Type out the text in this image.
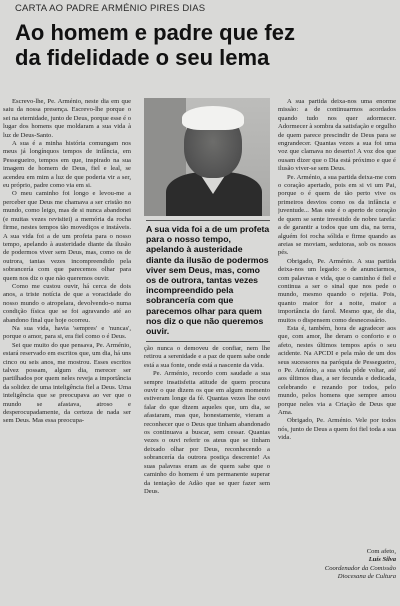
CARTA AO PADRE ARMÉNIO PIRES DIAS
Ao homem e padre que fez
da fidelidade o seu lema

Escrevo-lhe, Pe. Arménio, neste dia em que saiu da nossa presença. Escrevo-lhe porque o sei na eternidade, junto de Deus, porque esse é o lugar dos homens que moldaram a sua vida à luz de Deus-Santo.

A sua é a minha história comungam nos meus já longínquos tempos de infância, em Pessegueiro, tempos em que, inspirado na sua imagem de homem de Deus, fiel e leal, se acendeu em mim a luz de que poderia vir a ser, eu próprio, padre como via em si.

O meu caminho foi longo e levou-me a perceber que Deus me chamava a ser cristão no mundo, como leigo, mas de si nunca abandonei (e muitas vezes revisitei) a memória da rocha firme, nestes tempos tão movediços e instáveis. A sua vida foi a de um profeta para o nosso tempo, apelando à austeridade diante da ilusão de podermos viver sem Deus, mas, como os de outrora, tantas vezes incompreendido pela sobrancería com que parecemos olhar para quem nos diz o que não queremos ouvir.

Como me custou ouvir, há cerca de dois anos, a triste notícia de que a voracidade do nosso mundo o atropelara, devolvendo-o numa condição física que se foi agravando até ao abandono final que hoje ocorreu.

Na sua vida, havia 'sempres' e 'nuncas', porque o amor, para si, era fiel como o é Deus.

Sei que muito do que pensava, Pe. Arménio, estará reservado em escritos que, um dia, há uns cinco ou seis anos, me mostrou. Esses escritos talvez possam, algum dia, merecer ser partilhados por quem neles reveja a importância da solidez de uma inteligência fiel a Deus. Uma inteligência que se preocupava ao ver que o mundo se afastava, atroso e desperocupadamente, da certeza de nada ser sem Deus. Mas essa preocupa-

A sua vida foi a de um profeta para o nosso tempo, apelando à austeridade diante da ilusão de podermos viver sem Deus, mas, como os de outrora, tantas vezes incompreendido pela sobrancería com que parecemos olhar para quem nos diz o que não queremos ouvir.

ção nunca o demoveu de confiar, nem lhe retirou a serenidade e a paz de quem sabe onde está a sua fonte, onde está a nascente da vida.

Pe. Arménio, recordo com saudade a sua sempre insatisfeita atitude de quem procura ouvir o que dizem os que em algum momento estiveram longe da fé. Quantas vezes lhe ouvi falar do que dizem aqueles que, um dia, se afastaram, mas que, honestamente, vieram a reconhecer que o Deus que tinham abandonado os continuava a buscar, sem cessar. Quantas vezes o ouvi referir os ateus que se tinham deixado olhar por Deus, reconhecendo a sobrancería da outrora postiça descrente! As suas palavras eram as de quem sabe que o caminho do homem é um permanente superar da tentação de Adão que se quer fazer sem Deus.

A sua partida deixa-nos uma enorme missão: a de continuarmos acordados quando tudo nos quer adormecer. Adormecer à sombra da satisfação e orgulho de quem parece prescindir de Deus para se engrandecer. Quantas vezes a sua foi uma voz que clamava no deserto! A voz dos que ousam dizer que o Dia está próximo e que é ilusão viver-se sem Deus.

Pe. Arménio, a sua partida deixa-me com o coração apertado, pois em si vi um Pai, porque o é quem de tão perto vive os primeiros desvios como os da infância e juventude... Mas este é o aperto de coração de quem se sente investido de nobre tarefa: a de garantir a todos que um dia, na terra, alguém foi rocha sólida e firme quando as areias se moviam, sedutoras, sob os nossos pés.

Obrigado, Pe. Arménio. A sua partida deixa-nos um legado: o de anunciarmos, com palavras e vida, que o caminho é fiel e continua a ser o sinal que nos pede o mundo, mesmo quando o rejeita. Pois, quanto maior for a noite, maior a importância do farol. Mesmo que, de dia, muitos o dispensem como desnecessário.

Esta é, também, hora de agradecer aos que, com amor, lhe deram o conforto e o afeto, nestes últimos tempos após o seu acidente. Na APCDI e pela mão de um dos seus sucessores na paróquia de Pessegueiro, o Pe. António, a sua vida pôde voltar, até aos últimos dias, a ser fecunda e dedicada, celebrando e rezando por todos, pelo mundo, pelos homens que sempre amou porque neles via a Criação de Deus que Ama.

Obrigado, Pe. Arménio. Vele por todos nós, junto de Deus a quem foi fiel toda a sua vida.

Com afeto,
Luís Silva
Coordenador da Comissão
Diocesana de Cultura
